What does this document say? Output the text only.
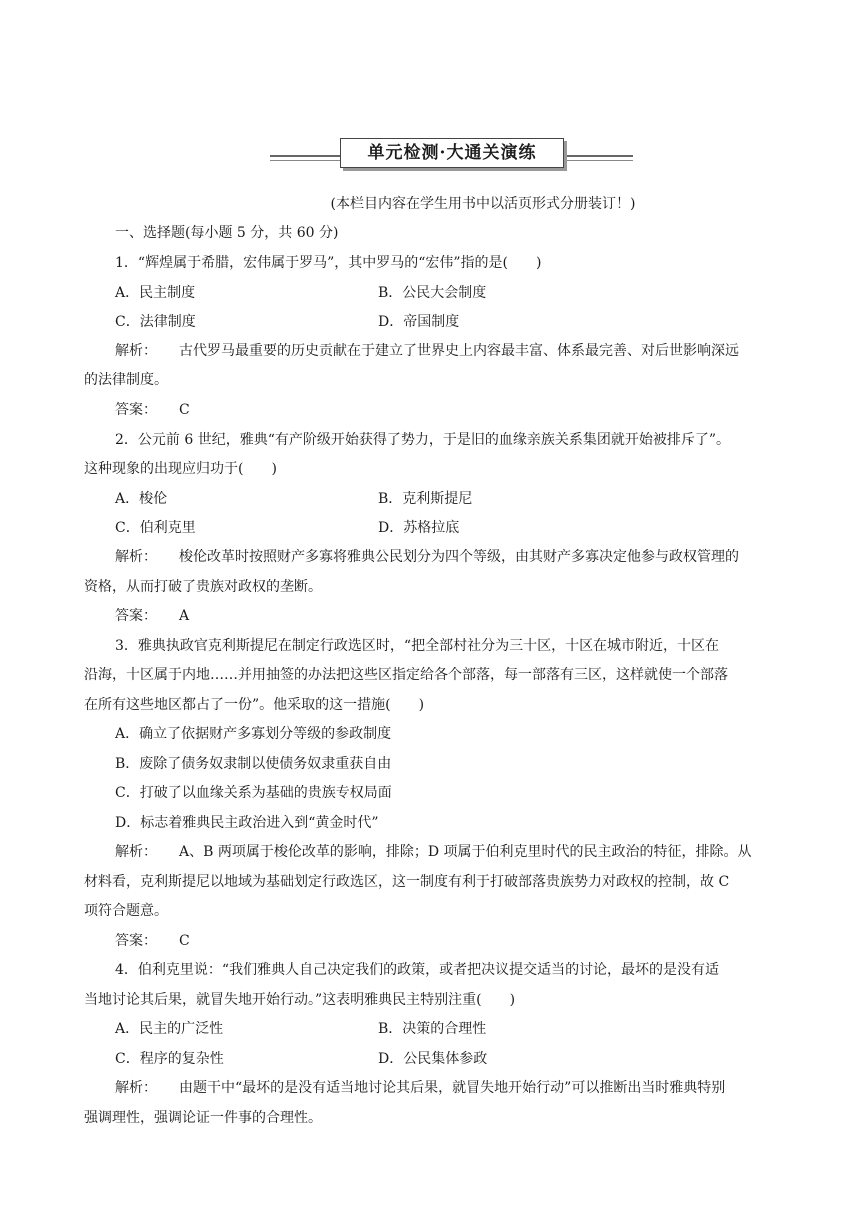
单元检测·大通关演练
(本栏目内容在学生用书中以活页形式分册装订！)
一、选择题(每小题 5 分，共 60 分)
1．“辉煌属于希腊，宏伟属于罗马”，其中罗马的“宏伟”指的是(　　)
A．民主制度	B．公民大会制度
C．法律制度	D．帝国制度
解析： 古代罗马最重要的历史贡献在于建立了世界史上内容最丰富、体系最完善、对后世影响深远
的法律制度。
答案： C
2．公元前 6 世纪，雅典“有产阶级开始获得了势力，于是旧的血缘亲族关系集团就开始被排斥了”。
这种现象的出现应归功于(　　)
A．梭伦	B．克利斯提尼
C．伯利克里	D．苏格拉底
解析： 梭伦改革时按照财产多寡将雅典公民划分为四个等级，由其财产多寡决定他参与政权管理的
资格，从而打破了贵族对政权的垄断。
答案： A
3．雅典执政官克利斯提尼在制定行政选区时，“把全部村社分为三十区，十区在城市附近，十区在
沿海，十区属于内地……并用抽签的办法把这些区指定给各个部落，每一部落有三区，这样就使一个部落
在所有这些地区都占了一份”。他采取的这一措施(　　)
A．确立了依据财产多寡划分等级的参政制度
B．废除了债务奴隶制以使债务奴隶重获自由
C．打破了以血缘关系为基础的贵族专权局面
D．标志着雅典民主政治进入到“黄金时代”
解析： A、B 两项属于梭伦改革的影响，排除；D 项属于伯利克里时代的民主政治的特征，排除。从
材料看，克利斯提尼以地域为基础划定行政选区，这一制度有利于打破部落贵族势力对政权的控制，故 C
项符合题意。
答案： C
4．伯利克里说：“我们雅典人自己决定我们的政策，或者把决议提交适当的讨论，最坏的是没有适
当地讨论其后果，就冒失地开始行动。”这表明雅典民主特别注重(　　)
A．民主的广泛性	B．决策的合理性
C．程序的复杂性	D．公民集体参政
解析： 由题干中“最坏的是没有适当地讨论其后果，就冒失地开始行动”可以推断出当时雅典特别
强调理性，强调论证一件事的合理性。
